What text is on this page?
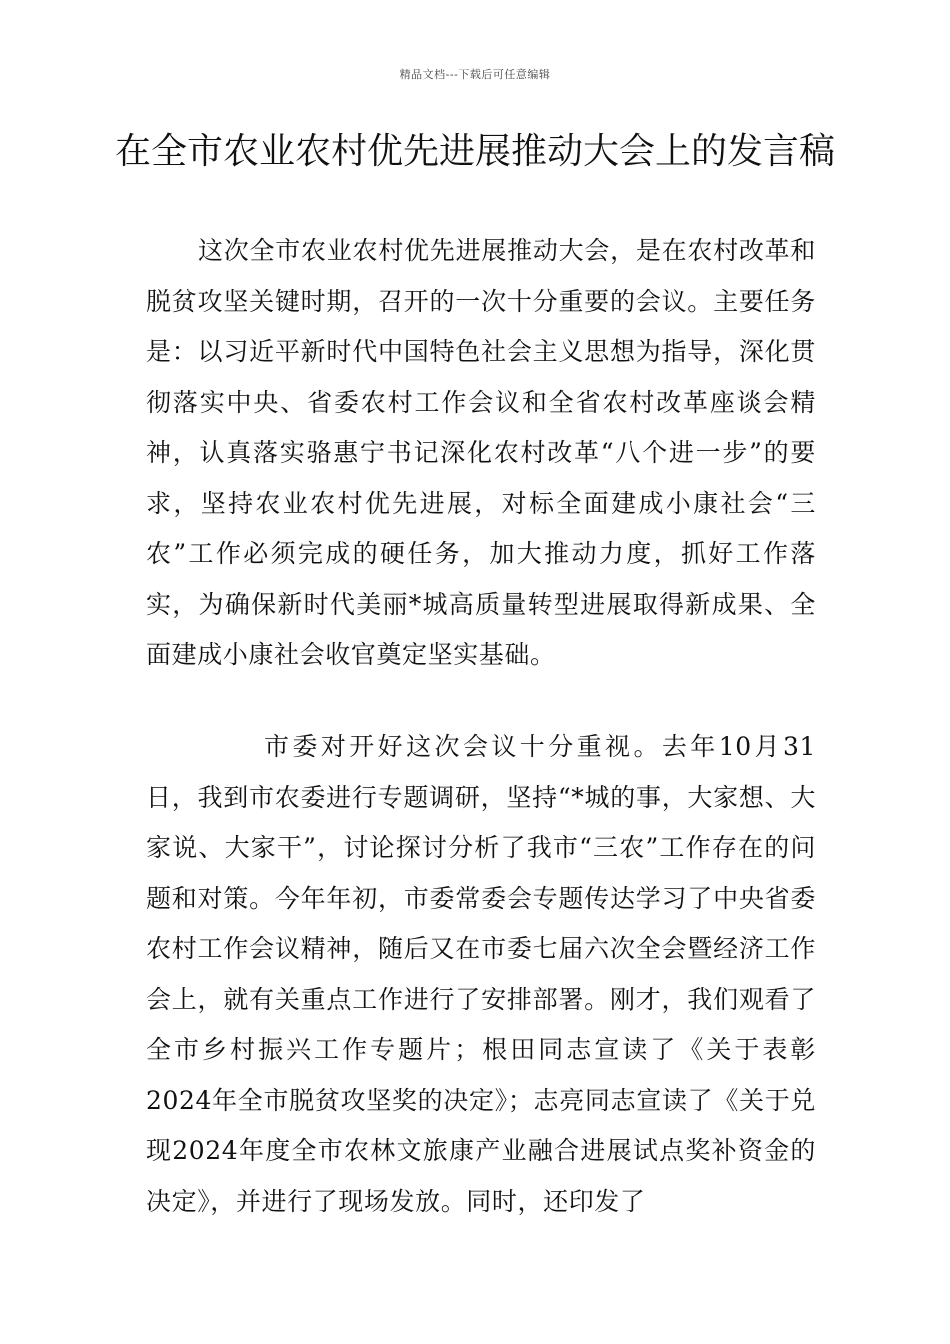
精品文档---下载后可任意编辑
在全市农业农村优先进展推动大会上的发言稿

这次全市农业农村优先进展推动大会，是在农村改革和脱贫攻坚关键时期，召开的一次十分重要的会议。主要任务是：以习近平新时代中国特色社会主义思想为指导，深化贯彻落实中央、省委农村工作会议和全省农村改革座谈会精神，认真落实骆惠宁书记深化农村改革“八个进一步”的要求，坚持农业农村优先进展，对标全面建成小康社会“三农”工作必须完成的硬任务，加大推动力度，抓好工作落实，为确保新时代美丽*城高质量转型进展取得新成果、全面建成小康社会收官奠定坚实基础。

市委对开好这次会议十分重视。去年10月31日，我到市农委进行专题调研，坚持“*城的事，大家想、大家说、大家干”，讨论探讨分析了我市“三农”工作存在的问题和对策。今年年初，市委常委会专题传达学习了中央省委农村工作会议精神，随后又在市委七届六次全会暨经济工作会上，就有关重点工作进行了安排部署。刚才，我们观看了全市乡村振兴工作专题片；根田同志宣读了《关于表彰2024年全市脱贫攻坚奖的决定》；志亮同志宣读了《关于兑现2024年度全市农林文旅康产业融合进展试点奖补资金的决定》，并进行了现场发放。同时，还印发了
